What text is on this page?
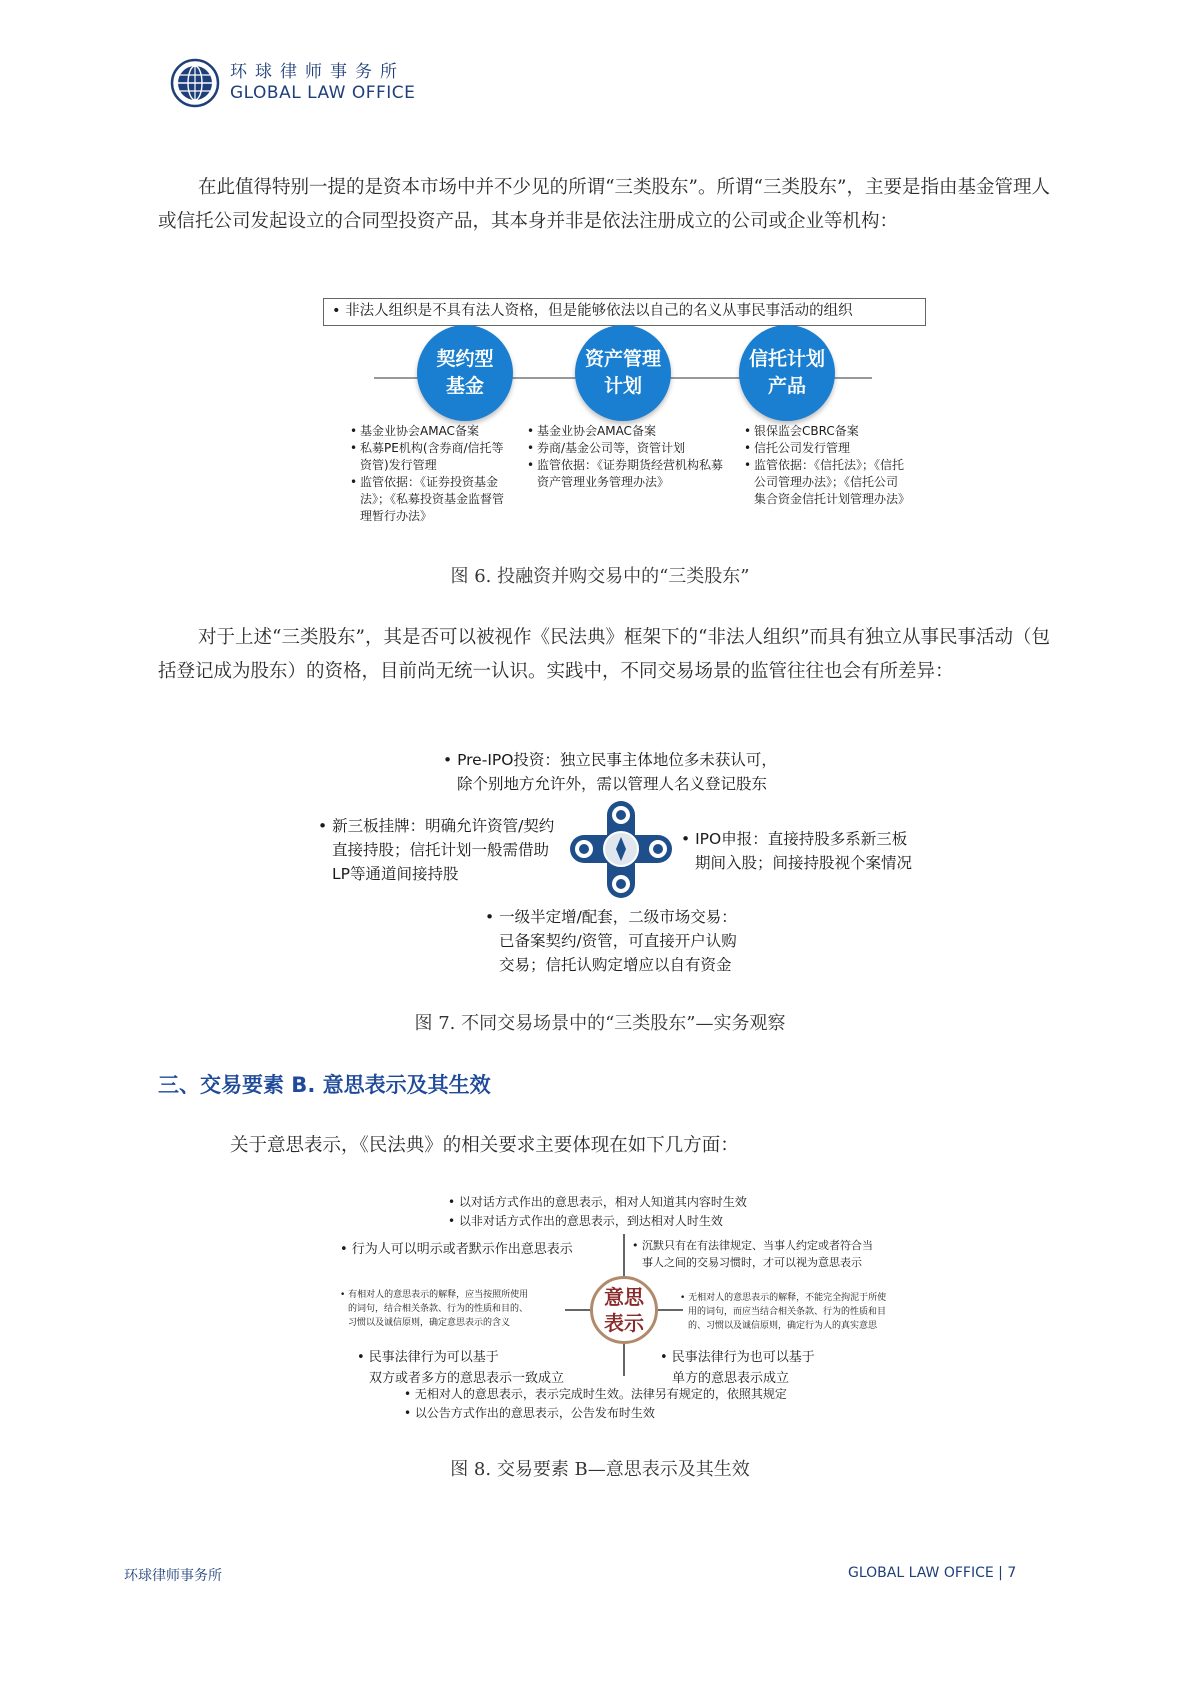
环球律师事务所
GLOBAL LAW OFFICE
在此值得特别一提的是资本市场中并不少见的所谓“三类股东”。所谓“三类股东”，主要是指由基金管理人或信托公司发起设立的合同型投资产品，其本身并非是依法注册成立的公司或企业等机构：
• 非法人组织是不具有法人资格，但是能够依法以自己的名义从事民事活动的组织
契约型
基金
资产管理
计划
信托计划
产品
• 基金业协会AMAC备案
• 私募PE机构(含券商/信托等资管)发行管理
• 监管依据：《证券投资基金法》；《私募投资基金监督管理暂行办法》
• 基金业协会AMAC备案
• 券商/基金公司等，资管计划
• 监管依据：《证券期货经营机构私募资产管理业务管理办法》
• 银保监会CBRC备案
• 信托公司发行管理
• 监管依据：《信托法》；《信托公司管理办法》；《信托公司集合资金信托计划管理办法》
图 6. 投融资并购交易中的“三类股东”
对于上述“三类股东”，其是否可以被视作《民法典》框架下的“非法人组织”而具有独立从事民事活动（包括登记成为股东）的资格，目前尚无统一认识。实践中，不同交易场景的监管往往也会有所差异：
• Pre-IPO投资：独立民事主体地位多未获认可，
除个别地方允许外，需以管理人名义登记股东
• 新三板挂牌：明确允许资管/契约
直接持股；信托计划一般需借助
LP等通道间接持股
• IPO申报：直接持股多系新三板
期间入股；间接持股视个案情况
• 一级半定增/配套，二级市场交易：
已备案契约/资管，可直接开户认购
交易；信托认购定增应以自有资金
图 7. 不同交易场景中的“三类股东”—实务观察
三、交易要素 B. 意思表示及其生效
关于意思表示，《民法典》的相关要求主要体现在如下几方面：
• 以对话方式作出的意思表示，相对人知道其内容时生效
• 以非对话方式作出的意思表示，到达相对人时生效
• 行为人可以明示或者默示作出意思表示	• 沉默只有在有法律规定、当事人约定或者符合当
事人之间的交易习惯时，才可以视为意思表示
• 有相对人的意思表示的解释，应当按照所使用
的词句，结合相关条款、行为的性质和目的、
习惯以及诚信原则，确定意思表示的含义
意思
表示
• 无相对人的意思表示的解释，不能完全拘泥于所使
用的词句，而应当结合相关条款、行为的性质和目
的、习惯以及诚信原则，确定行为人的真实意思
• 民事法律行为可以基于
双方或者多方的意思表示一致成立
• 民事法律行为也可以基于
单方的意思表示成立
• 无相对人的意思表示，表示完成时生效。法律另有规定的，依照其规定
• 以公告方式作出的意思表示，公告发布时生效
图 8. 交易要素 B—意思表示及其生效
环球律师事务所	GLOBAL LAW OFFICE | 7
